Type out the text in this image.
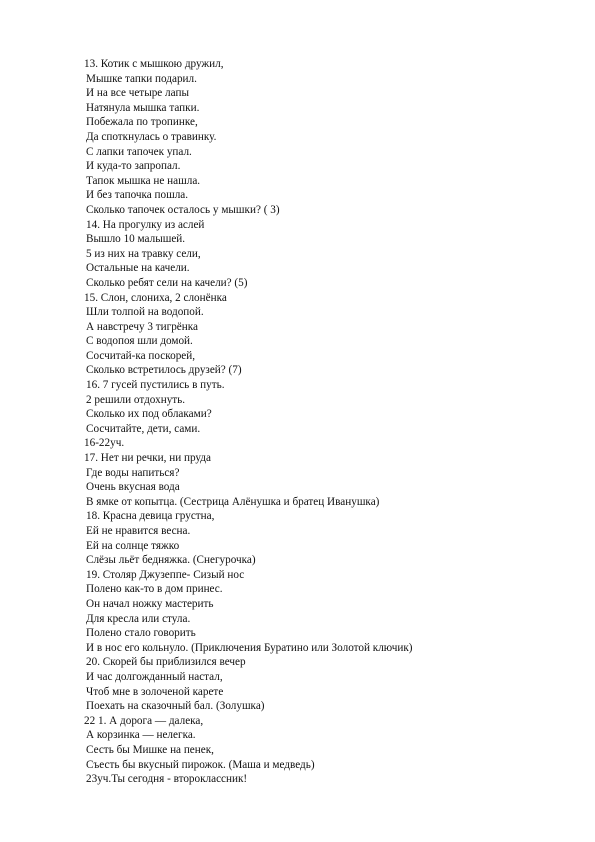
13. Котик с мышкою дружил,
Мышке тапки подарил.
И на все четыре лапы
Натянула мышка тапки.
Побежала по тропинке,
Да споткнулась о травинку.
С лапки тапочек упал.
И куда-то запропал.
Тапок мышка не нашла.
И без тапочка пошла.
Сколько тапочек осталось у мышки? ( 3)
14. На прогулку из аслей
Вышло 10 малышей.
5 из них на травку сели,
Остальные на качели.
Сколько ребят сели на качели? (5)
15. Слон, слониха, 2 слонёнка
Шли толпой на водопой.
А навстречу 3 тигрёнка
С водопоя шли домой.
Сосчитай-ка поскорей,
Сколько встретилось друзей? (7)
16. 7 гусей пустились в путь.
2 решили отдохнуть.
Сколько их под облаками?
Сосчитайте, дети, сами.
16-22уч.
17. Нет ни речки, ни пруда
Где воды напиться?
Очень вкусная вода
В ямке от копытца. (Сестрица Алёнушка и братец Иванушка)
18. Красна девица грустна,
Ей не нравится весна.
Ей на солнце тяжко
Слёзы льёт бедняжка. (Снегурочка)
19. Столяр Джузеппе- Сизый нос
Полено как-то в дом принес.
Он начал ножку мастерить
Для кресла или стула.
Полено стало говорить
И в нос его кольнуло. (Приключения Буратино или Золотой ключик)
20. Скорей бы приблизился вечер
И час долгожданный настал,
Чтоб мне в золоченой карете
Поехать на сказочный бал. (Золушка)
22 1. А дорога — далека,
А корзинка — нелегка.
Сесть бы Мишке на пенек,
Съесть бы вкусный пирожок. (Маша и медведь)
23уч.Ты сегодня - второклассник!
